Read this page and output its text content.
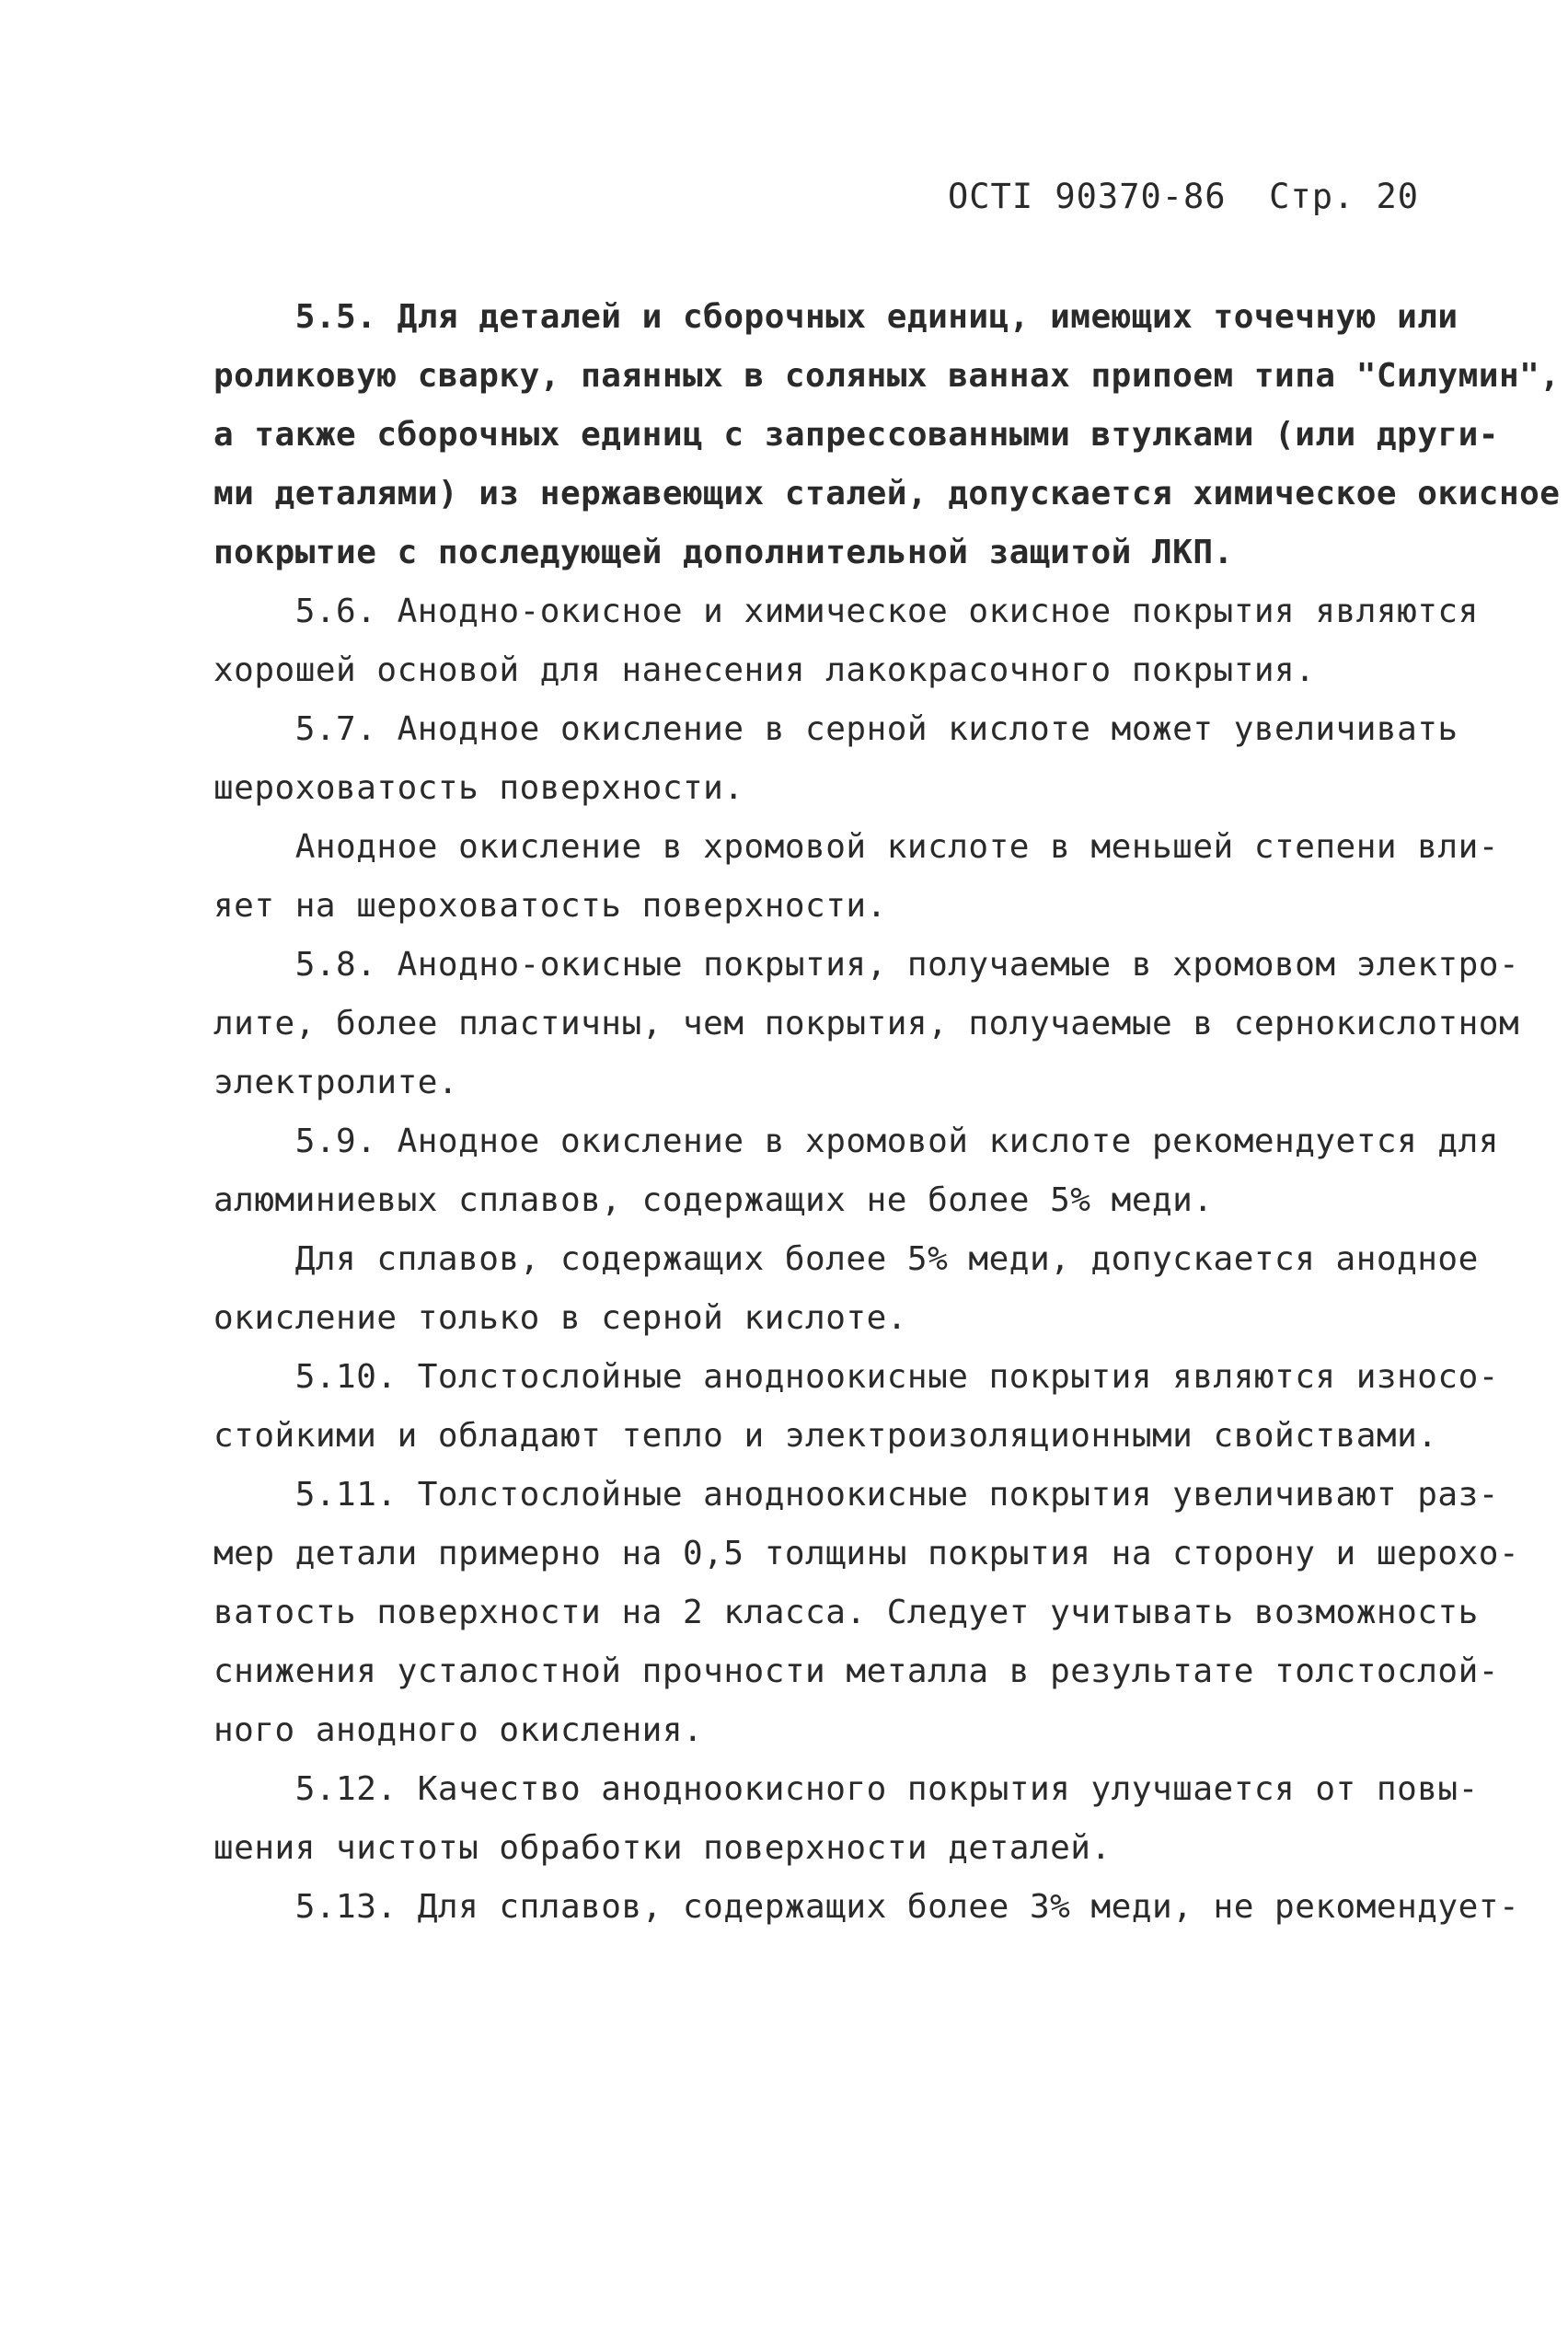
ОСТI 90370-86 Стр. 20
5.5. Для деталей и сборочных единиц, имеющих точечную или
роликовую сварку, паянных в соляных ваннах припоем типа "Силумин",
а также сборочных единиц с запрессованными втулками (или други-
ми деталями) из нержавеющих сталей, допускается химическое окисное
покрытие с последующей дополнительной защитой ЛКП.
5.6. Анодно-окисное и химическое окисное покрытия являются
хорошей основой для нанесения лакокрасочного покрытия.
5.7. Анодное окисление в серной кислоте может увеличивать
шероховатость поверхности.
Анодное окисление в хромовой кислоте в меньшей степени вли-
яет на шероховатость поверхности.
5.8. Анодно-окисные покрытия, получаемые в хромовом электро-
лите, более пластичны, чем покрытия, получаемые в сернокислотном
электролите.
5.9. Анодное окисление в хромовой кислоте рекомендуется для
алюминиевых сплавов, содержащих не более 5% меди.
Для сплавов, содержащих более 5% меди, допускается анодное
окисление только в серной кислоте.
5.10. Толстослойные анодноокисные покрытия являются износо-
стойкими и обладают тепло и электроизоляционными свойствами.
5.11. Толстослойные анодноокисные покрытия увеличивают раз-
мер детали примерно на 0,5 толщины покрытия на сторону и шерохо-
ватость поверхности на 2 класса. Следует учитывать возможность
снижения усталостной прочности металла в результате толстослой-
ного анодного окисления.
5.12. Качество анодноокисного покрытия улучшается от повы-
шения чистоты обработки поверхности деталей.
5.13. Для сплавов, содержащих более 3% меди, не рекомендует-
